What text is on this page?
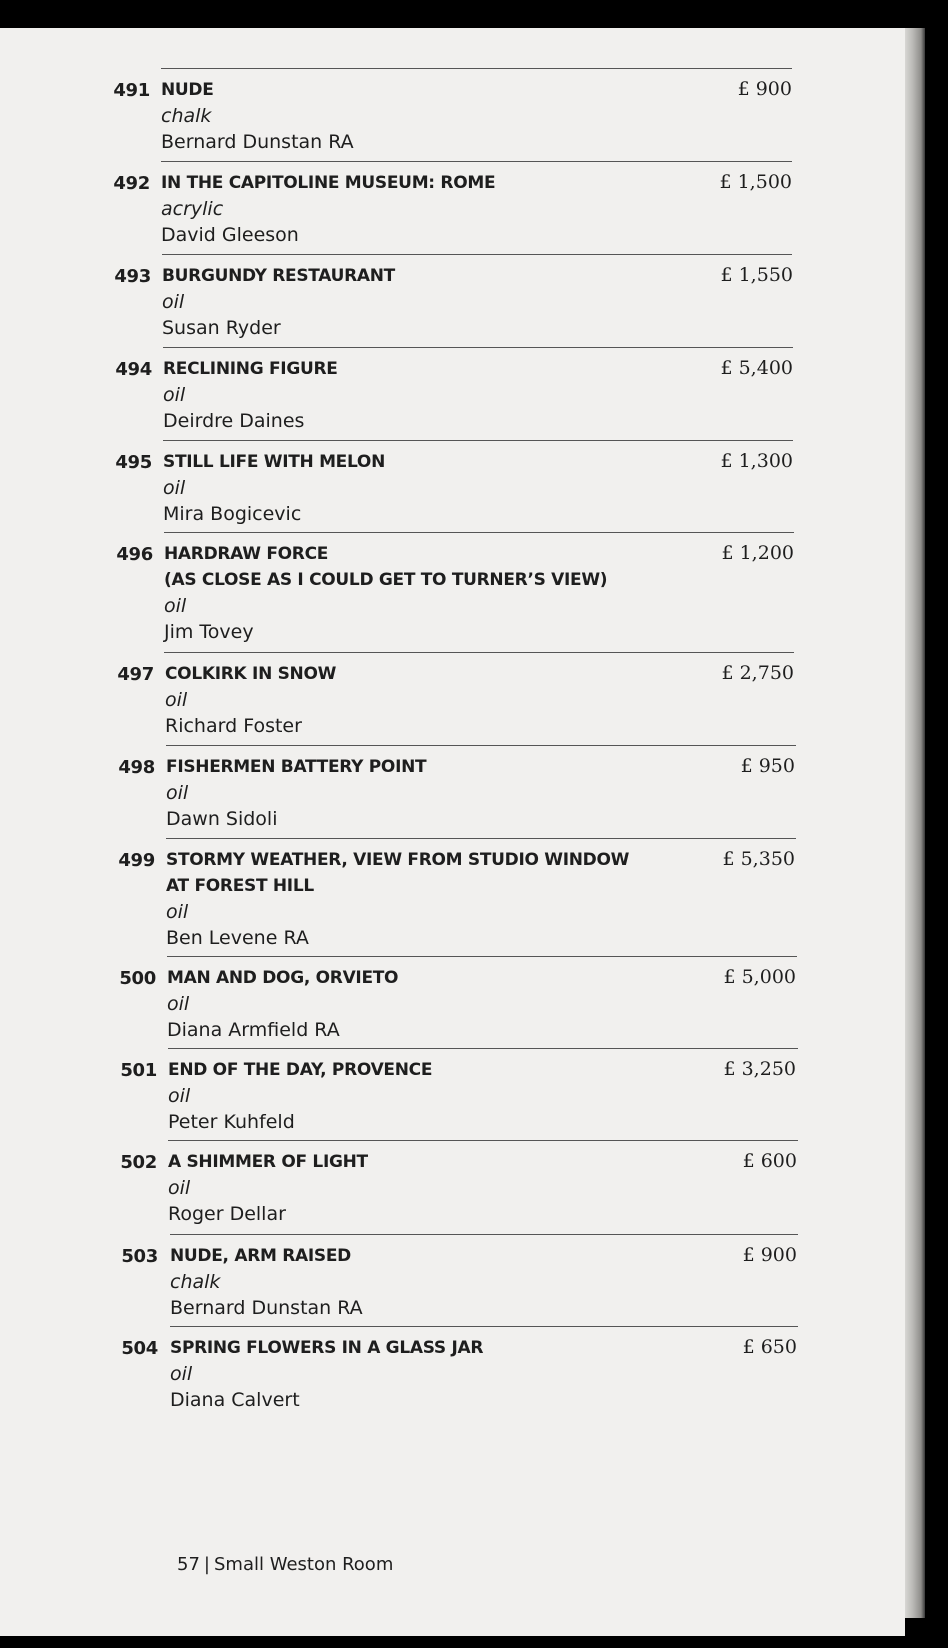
491 NUDE
chalk
Bernard Dunstan RA
£ 900
492 IN THE CAPITOLINE MUSEUM: ROME
acrylic
David Gleeson
£ 1,500
493 BURGUNDY RESTAURANT
oil
Susan Ryder
£ 1,550
494 RECLINING FIGURE
oil
Deirdre Daines
£ 5,400
495 STILL LIFE WITH MELON
oil
Mira Bogicevic
£ 1,300
496 HARDRAW FORCE
(AS CLOSE AS I COULD GET TO TURNER’S VIEW)
oil
Jim Tovey
£ 1,200
497 COLKIRK IN SNOW
oil
Richard Foster
£ 2,750
498 FISHERMEN BATTERY POINT
oil
Dawn Sidoli
£ 950
499 STORMY WEATHER, VIEW FROM STUDIO WINDOW
AT FOREST HILL
oil
Ben Levene RA
£ 5,350
500 MAN AND DOG, ORVIETO
oil
Diana Armfield RA
£ 5,000
501 END OF THE DAY, PROVENCE
oil
Peter Kuhfeld
£ 3,250
502 A SHIMMER OF LIGHT
oil
Roger Dellar
£ 600
503 NUDE, ARM RAISED
chalk
Bernard Dunstan RA
£ 900
504 SPRING FLOWERS IN A GLASS JAR
oil
Diana Calvert
£ 650
57 | Small Weston Room
